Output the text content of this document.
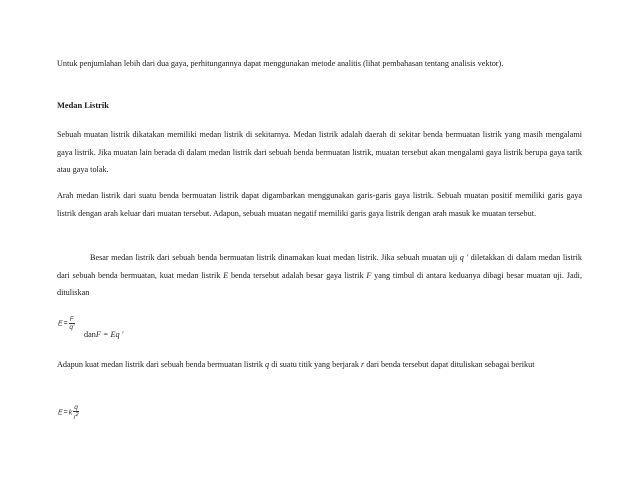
Untuk penjumlahan lebih dari dua gaya, perhitungannya dapat menggunakan metode analitis (lihat pembahasan tentang analisis vektor).

Medan Listrik

Sebuah muatan listrik dikatakan memiliki medan listrik di sekitarnya. Medan listrik adalah daerah di sekitar benda bermuatan listrik yang masih mengalami gaya listrik. Jika muatan lain berada di dalam medan listrik dari sebuah benda bermuatan listrik, muatan tersebut akan mengalami gaya listrik berupa gaya tarik atau gaya tolak.

Arah medan listrik dari suatu benda bermuatan listrik dapat digambarkan menggunakan garis-garis gaya listrik. Sebuah muatan positif memiliki garis gaya listrik dengan arah keluar dari muatan tersebut. Adapun, sebuah muatan negatif memiliki garis gaya listrik dengan arah masuk ke muatan tersebut.

Besar medan listrik dari sebuah benda bermuatan listrik dinamakan kuat medan listrik. Jika sebuah muatan uji q ' diletakkan di dalam medan listrik dari sebuah benda bermuatan, kuat medan listrik E benda tersebut adalah besar gaya listrik F yang timbul di antara keduanya dibagi besar muatan uji. Jadi, dituliskan

$E= \frac{F}{q'}$
danF = Eq '

Adapun kuat medan listrik dari sebuah benda bermuatan listrik q di suatu titik yang berjarak r dari benda tersebut dapat dituliskan sebagai berikut

$E=k \frac{q}{r^2}$
